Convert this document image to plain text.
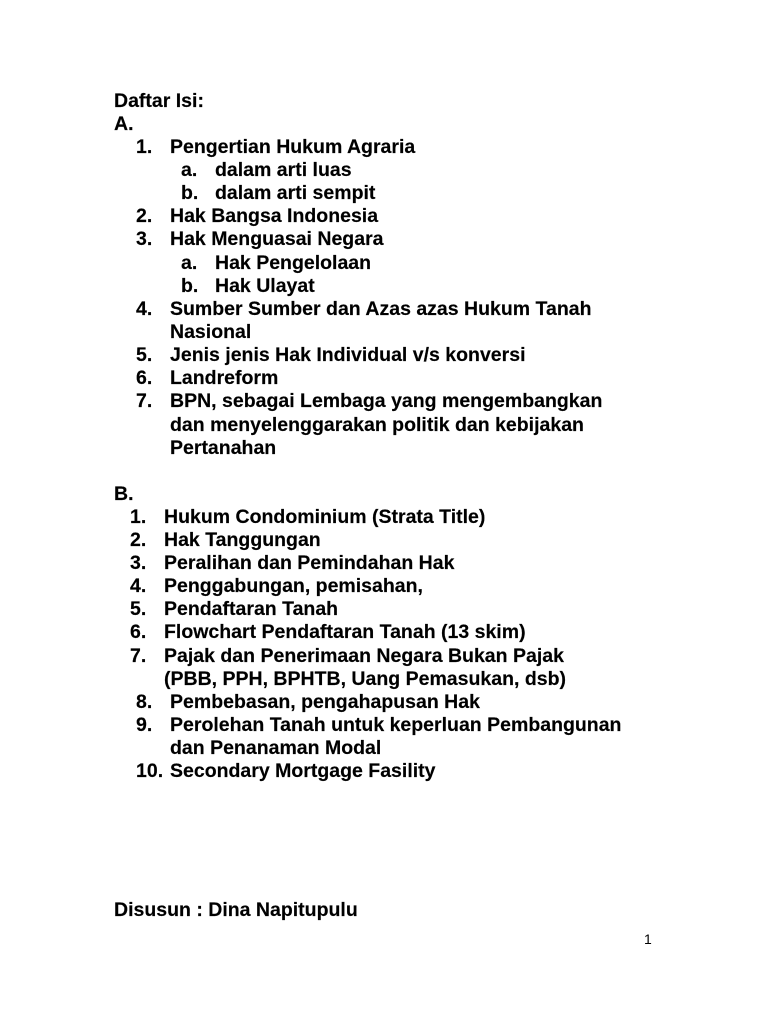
Daftar Isi:
A.
1. Pengertian Hukum Agraria
a. dalam arti luas
b. dalam arti sempit
2. Hak Bangsa Indonesia
3. Hak Menguasai Negara
a. Hak Pengelolaan
b. Hak Ulayat
4. Sumber Sumber dan Azas azas Hukum Tanah
Nasional
5. Jenis jenis Hak Individual v/s konversi
6. Landreform
7. BPN, sebagai Lembaga yang mengembangkan
dan menyelenggarakan politik dan kebijakan
Pertanahan
B.
1. Hukum Condominium (Strata Title)
2. Hak Tanggungan
3. Peralihan dan Pemindahan Hak
4. Penggabungan, pemisahan,
5. Pendaftaran Tanah
6. Flowchart Pendaftaran Tanah (13 skim)
7. Pajak dan Penerimaan Negara Bukan Pajak
(PBB, PPH, BPHTB, Uang Pemasukan, dsb)
8. Pembebasan, pengahapusan Hak
9. Perolehan Tanah untuk keperluan Pembangunan
dan Penanaman Modal
10. Secondary Mortgage Fasility
Disusun : Dina Napitupulu
1
